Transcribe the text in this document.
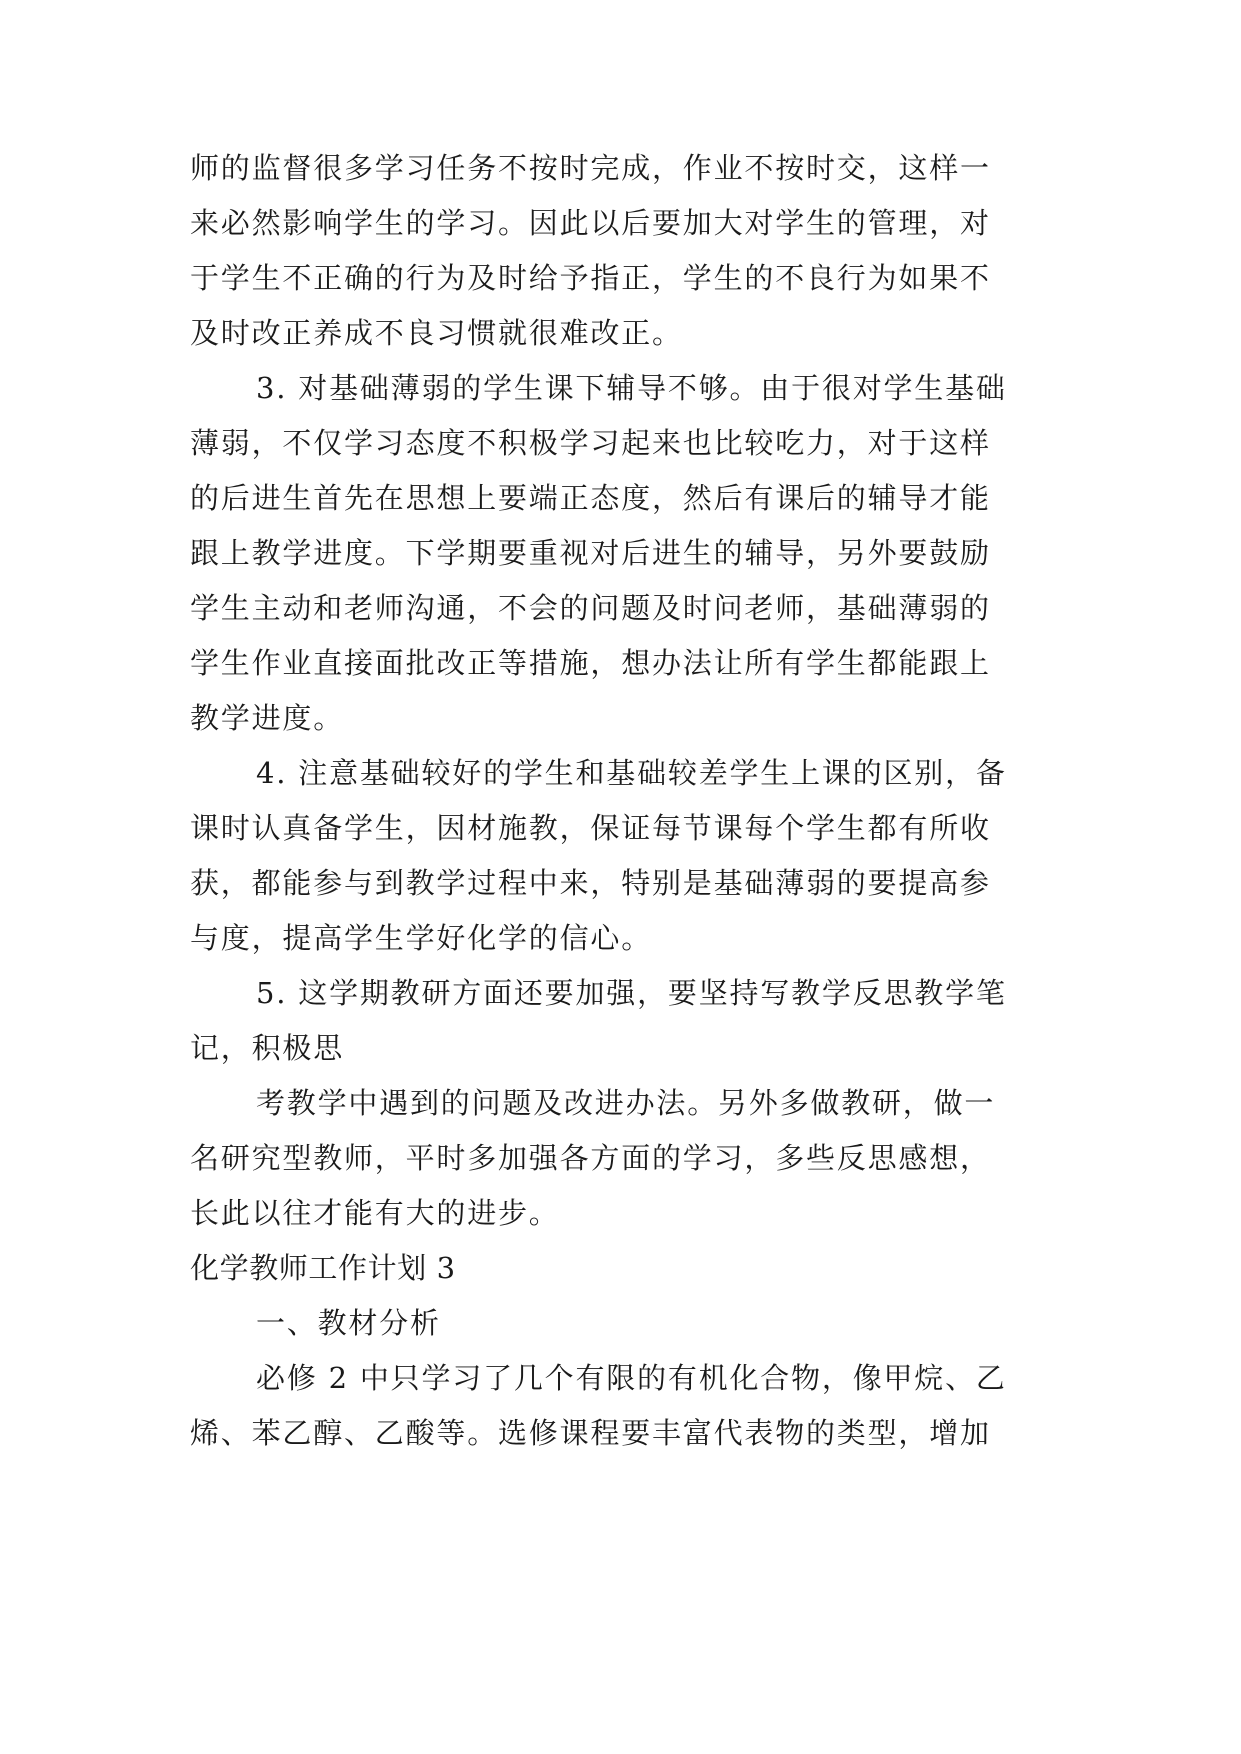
师的监督很多学习任务不按时完成，作业不按时交，这样一
来必然影响学生的学习。因此以后要加大对学生的管理，对
于学生不正确的行为及时给予指正，学生的不良行为如果不
及时改正养成不良习惯就很难改正。
3. 对基础薄弱的学生课下辅导不够。由于很对学生基础
薄弱，不仅学习态度不积极学习起来也比较吃力，对于这样
的后进生首先在思想上要端正态度，然后有课后的辅导才能
跟上教学进度。下学期要重视对后进生的辅导，另外要鼓励
学生主动和老师沟通，不会的问题及时问老师，基础薄弱的
学生作业直接面批改正等措施，想办法让所有学生都能跟上
教学进度。
4. 注意基础较好的学生和基础较差学生上课的区别，备
课时认真备学生，因材施教，保证每节课每个学生都有所收
获，都能参与到教学过程中来，特别是基础薄弱的要提高参
与度，提高学生学好化学的信心。
5. 这学期教研方面还要加强，要坚持写教学反思教学笔
记，积极思
考教学中遇到的问题及改进办法。另外多做教研，做一
名研究型教师，平时多加强各方面的学习，多些反思感想，
长此以往才能有大的进步。
化学教师工作计划 3
一、教材分析
必修 2 中只学习了几个有限的有机化合物，像甲烷、乙
烯、苯乙醇、乙酸等。选修课程要丰富代表物的类型，增加
